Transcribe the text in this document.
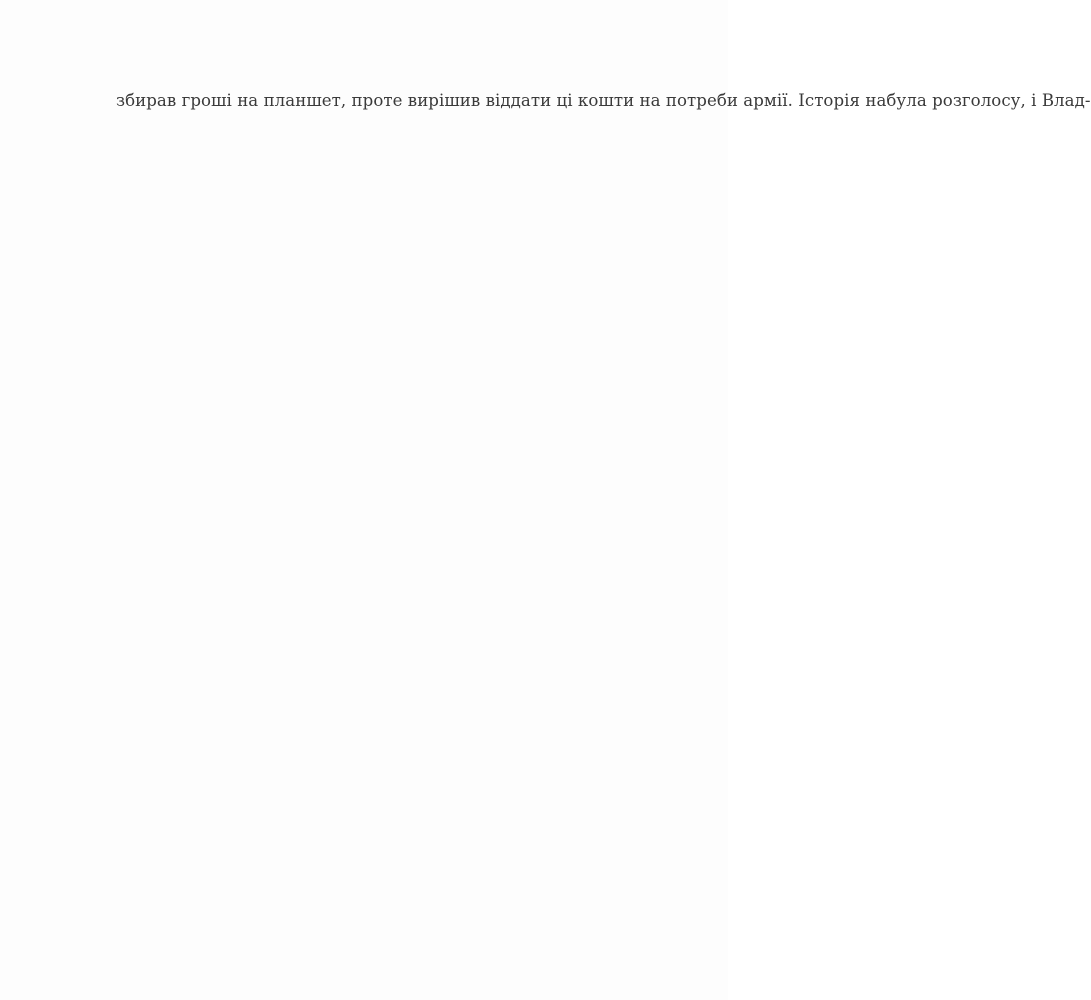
збирав гроші на планшет, проте вирішив віддати ці кошти на потреби армії. Історія набула розголосу, і Влад-
